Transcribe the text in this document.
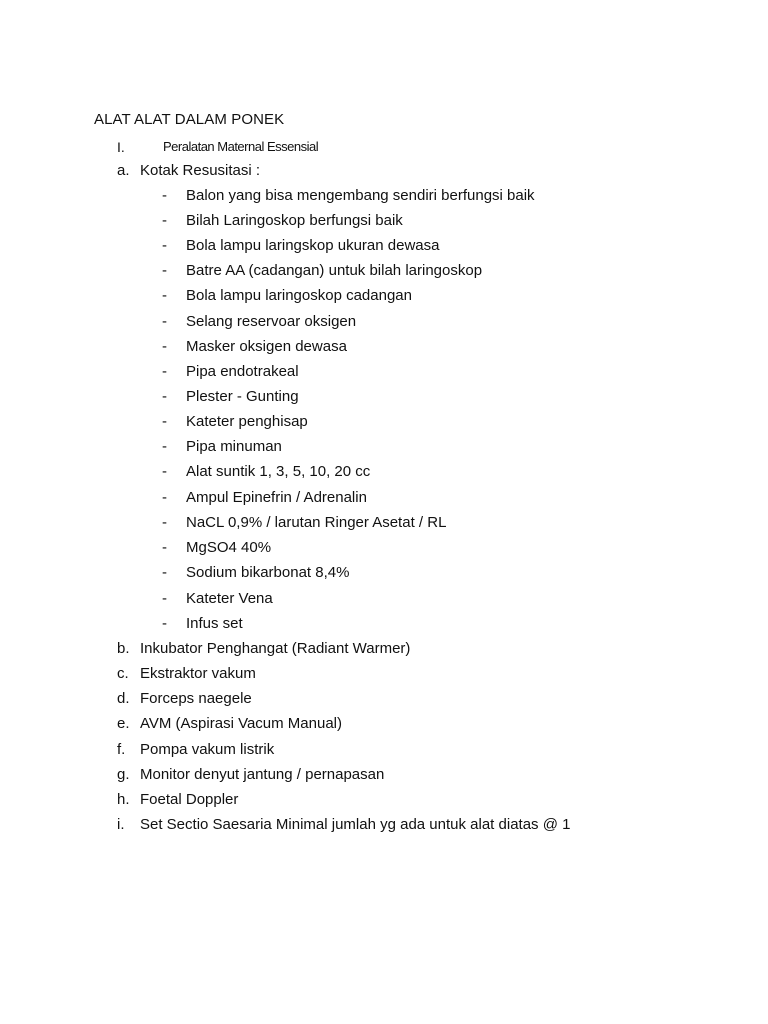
ALAT ALAT DALAM PONEK
I.	Peralatan Maternal Essensial
a. Kotak Resusitasi :
- Balon yang bisa mengembang sendiri berfungsi baik
- Bilah Laringoskop berfungsi baik
- Bola lampu laringskop ukuran dewasa
- Batre AA (cadangan) untuk bilah laringoskop
- Bola lampu laringoskop cadangan
- Selang reservoar oksigen
- Masker oksigen dewasa
- Pipa endotrakeal
- Plester - Gunting
- Kateter penghisap
- Pipa minuman
- Alat suntik 1, 3, 5, 10, 20 cc
- Ampul Epinefrin / Adrenalin
- NaCL 0,9% / larutan Ringer Asetat / RL
- MgSO4 40%
- Sodium bikarbonat 8,4%
- Kateter Vena
- Infus set
b. Inkubator Penghangat (Radiant Warmer)
c. Ekstraktor vakum
d. Forceps naegele
e. AVM (Aspirasi Vacum Manual)
f. Pompa vakum listrik
g. Monitor denyut jantung / pernapasan
h. Foetal Doppler
i. Set Sectio Saesaria Minimal jumlah yg ada untuk alat diatas @ 1
